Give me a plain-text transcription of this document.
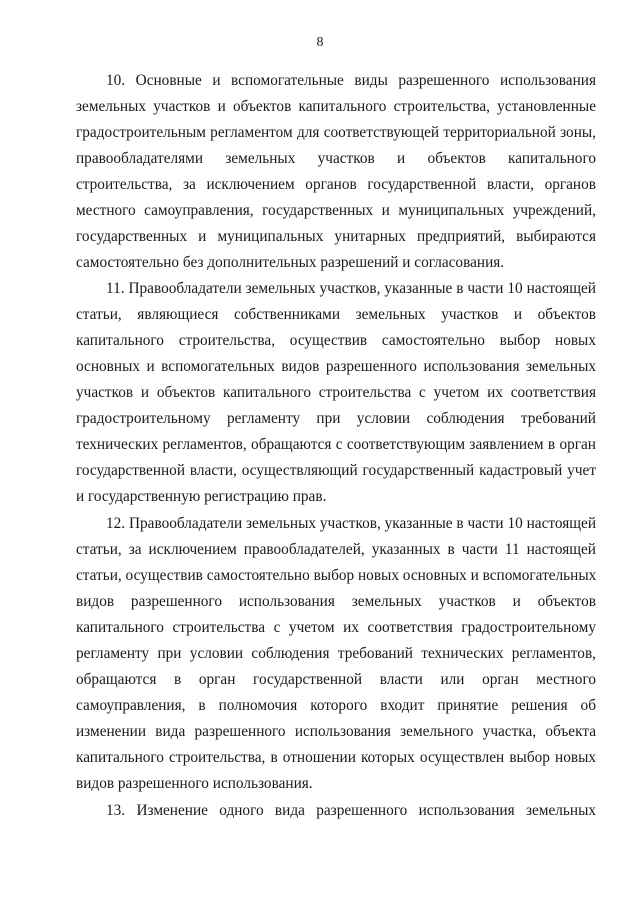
8
10. Основные и вспомогательные виды разрешенного использования
земельных участков и объектов капитального строительства, установленные
градостроительным регламентом для соответствующей территориальной зоны,
правообладателями земельных участков и объектов капитального
строительства, за исключением органов государственной власти, органов
местного самоуправления, государственных и муниципальных учреждений,
государственных и муниципальных унитарных предприятий, выбираются
самостоятельно без дополнительных разрешений и согласования.
11. Правообладатели земельных участков, указанные в части 10 настоящей
статьи, являющиеся собственниками земельных участков и объектов
капитального строительства, осуществив самостоятельно выбор новых
основных и вспомогательных видов разрешенного использования земельных
участков и объектов капитального строительства с учетом их соответствия
градостроительному регламенту при условии соблюдения требований
технических регламентов, обращаются с соответствующим заявлением в орган
государственной власти, осуществляющий государственный кадастровый учет
и государственную регистрацию прав.
12. Правообладатели земельных участков, указанные в части 10 настоящей
статьи, за исключением правообладателей, указанных в части 11 настоящей
статьи, осуществив самостоятельно выбор новых основных и вспомогательных
видов разрешенного использования земельных участков и объектов
капитального строительства с учетом их соответствия градостроительному
регламенту при условии соблюдения требований технических регламентов,
обращаются в орган государственной власти или орган местного
самоуправления, в полномочия которого входит принятие решения об
изменении вида разрешенного использования земельного участка, объекта
капитального строительства, в отношении которых осуществлен выбор новых
видов разрешенного использования.
13. Изменение одного вида разрешенного использования земельных
